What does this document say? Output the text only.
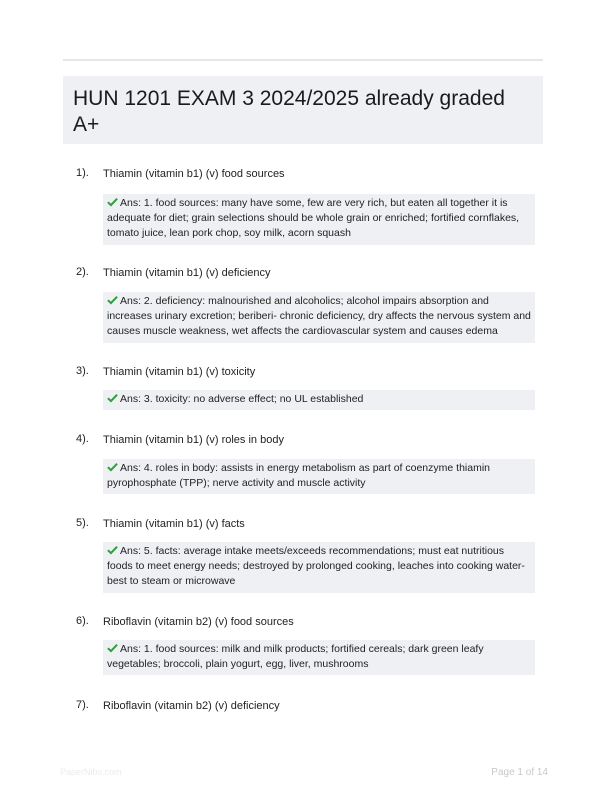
HUN 1201 EXAM 3 2024/2025 already graded A+
1). Thiamin (vitamin b1) (v) food sources
Ans: 1. food sources: many have some, few are very rich, but eaten all together it is adequate for diet; grain selections should be whole grain or enriched; fortified cornflakes, tomato juice, lean pork chop, soy milk, acorn squash
2). Thiamin (vitamin b1) (v) deficiency
Ans: 2. deficiency: malnourished and alcoholics; alcohol impairs absorption and increases urinary excretion; beriberi- chronic deficiency, dry affects the nervous system and causes muscle weakness, wet affects the cardiovascular system and causes edema
3). Thiamin (vitamin b1) (v) toxicity
Ans: 3. toxicity: no adverse effect; no UL established
4). Thiamin (vitamin b1) (v) roles in body
Ans: 4. roles in body: assists in energy metabolism as part of coenzyme thiamin pyrophosphate (TPP); nerve activity and muscle activity
5). Thiamin (vitamin b1) (v) facts
Ans: 5. facts: average intake meets/exceeds recommendations; must eat nutritious foods to meet energy needs; destroyed by prolonged cooking, leaches into cooking water- best to steam or microwave
6). Riboflavin (vitamin b2) (v) food sources
Ans: 1. food sources: milk and milk products; fortified cereals; dark green leafy vegetables; broccoli, plain yogurt, egg, liver, mushrooms
7). Riboflavin (vitamin b2) (v) deficiency
PaperNibs.com	Page 1 of 14
